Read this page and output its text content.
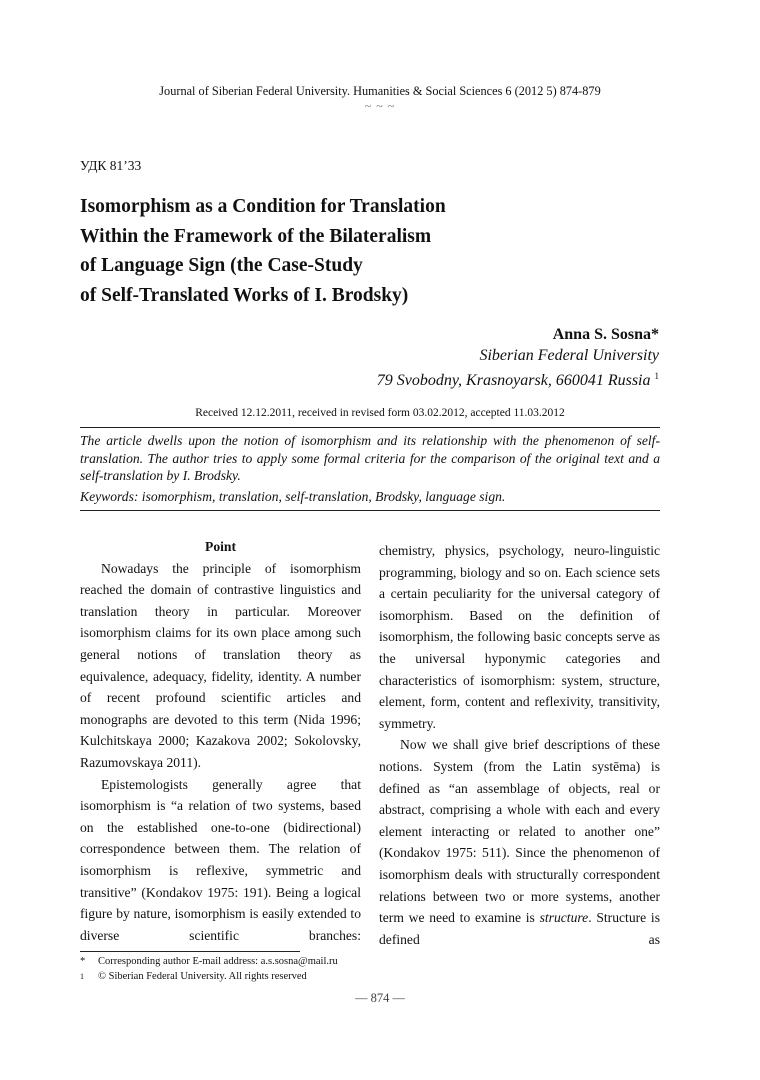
Journal of Siberian Federal University. Humanities & Social Sciences 6 (2012 5) 874-879
~ ~ ~
УДК 81’33
Isomorphism as a Condition for Translation
Within the Framework of the Bilateralism
of Language Sign (the Case-Study
of Self-Translated Works of I. Brodsky)
Anna S. Sosna*
Siberian Federal University
79 Svobodny, Krasnoyarsk, 660041 Russia $^1$
Received 12.12.2011, received in revised form 03.02.2012, accepted 11.03.2012
The article dwells upon the notion of isomorphism and its relationship with the phenomenon of self-translation. The author tries to apply some formal criteria for the comparison of the original text and a self-translation by I. Brodsky.
Keywords: isomorphism, translation, self-translation, Brodsky, language sign.

Point

Nowadays the principle of isomorphism reached the domain of contrastive linguistics and translation theory in particular. Moreover isomorphism claims for its own place among such general notions of translation theory as equivalence, adequacy, fidelity, identity. A number of recent profound scientific articles and monographs are devoted to this term (Nida 1996; Kulchitskaya 2000; Kazakova 2002; Sokolovsky, Razumovskaya 2011).

Epistemologists generally agree that isomorphism is “a relation of two systems, based on the established one-to-one (bidirectional) correspondence between them. The relation of isomorphism is reflexive, symmetric and transitive” (Kondakov 1975: 191). Being a logical figure by nature, isomorphism is easily extended to diverse scientific branches:

chemistry, physics, psychology, neuro-linguistic programming, biology and so on. Each science sets a certain peculiarity for the universal category of isomorphism. Based on the definition of isomorphism, the following basic concepts serve as the universal hyponymic categories and characteristics of isomorphism: system, structure, element, form, content and reflexivity, transitivity, symmetry.

Now we shall give brief descriptions of these notions. System (from the Latin systēma) is defined as “an assemblage of objects, real or abstract, comprising a whole with each and every element interacting or related to another one” (Kondakov 1975: 511). Since the phenomenon of isomorphism deals with structurally correspondent relations between two or more systems, another term we need to examine is structure. Structure is defined as

*	Corresponding author E-mail address: a.s.sosna@mail.ru
1	© Siberian Federal University. All rights reserved
— 874 —
